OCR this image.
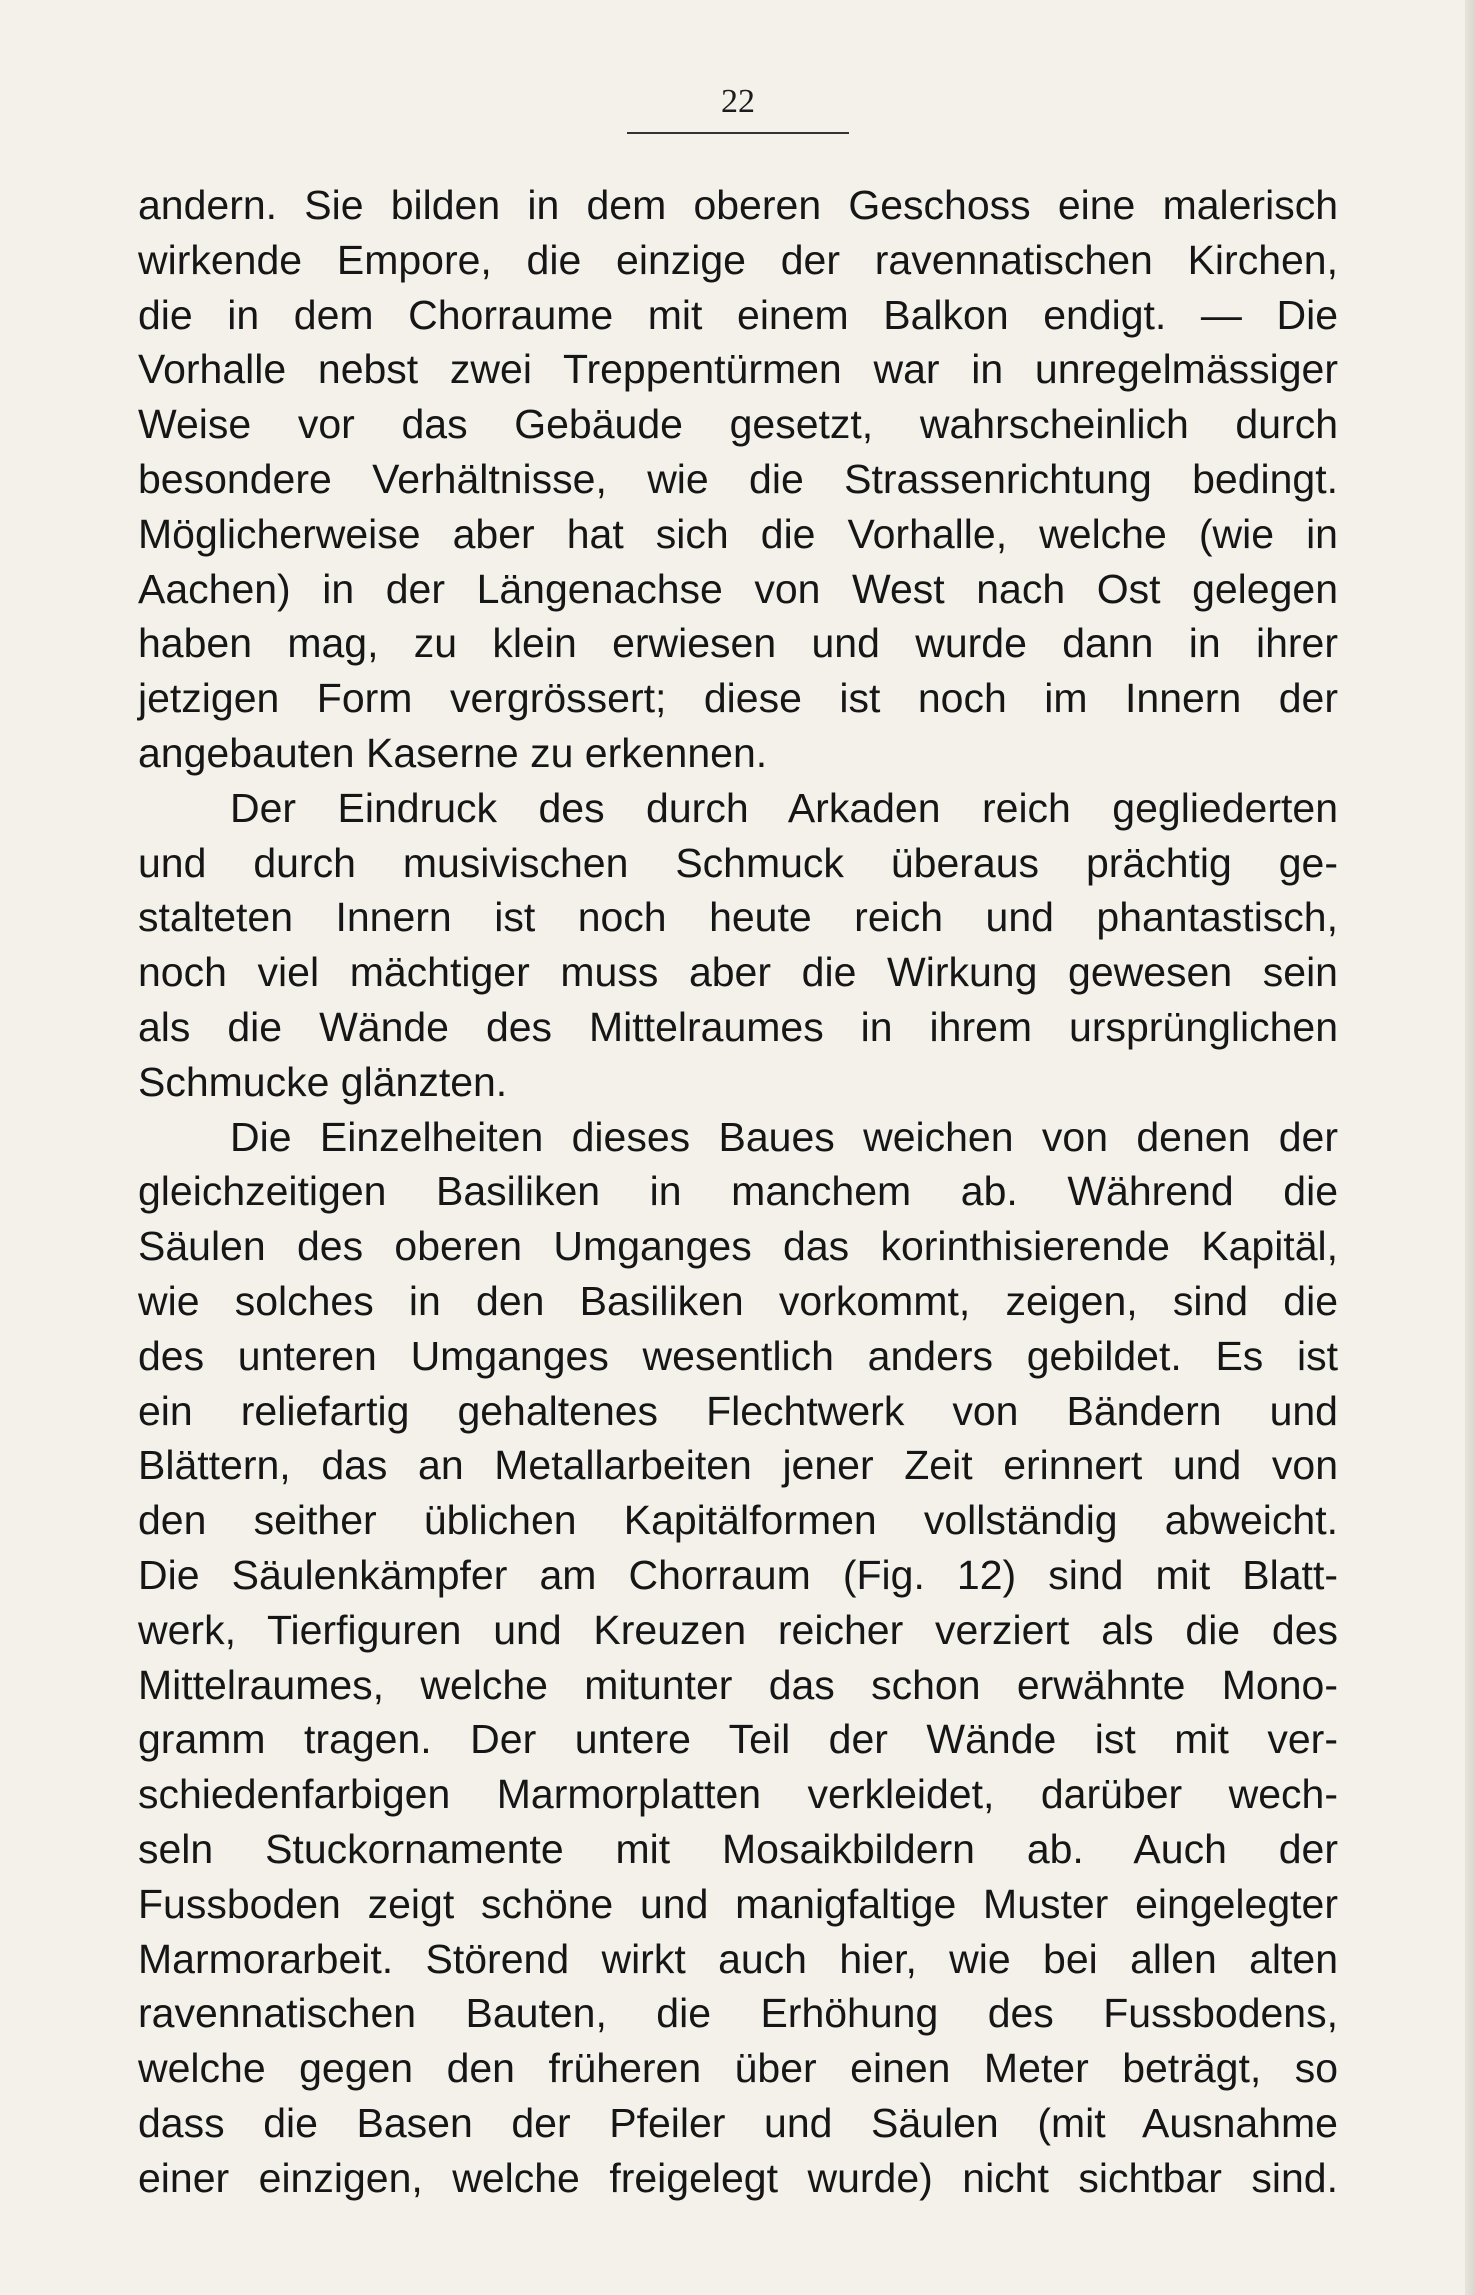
22
andern. Sie bilden in dem oberen Geschoss eine malerisch
wirkende Empore, die einzige der ravennatischen Kirchen,
die in dem Chorraume mit einem Balkon endigt. — Die
Vorhalle nebst zwei Treppentürmen war in unregelmässiger
Weise vor das Gebäude gesetzt, wahrscheinlich durch
besondere Verhältnisse, wie die Strassenrichtung bedingt.
Möglicherweise aber hat sich die Vorhalle, welche (wie in
Aachen) in der Längenachse von West nach Ost gelegen
haben mag, zu klein erwiesen und wurde dann in ihrer
jetzigen Form vergrössert; diese ist noch im Innern der
angebauten Kaserne zu erkennen.
Der Eindruck des durch Arkaden reich gegliederten
und durch musivischen Schmuck überaus prächtig ge-
stalteten Innern ist noch heute reich und phantastisch,
noch viel mächtiger muss aber die Wirkung gewesen sein
als die Wände des Mittelraumes in ihrem ursprünglichen
Schmucke glänzten.
Die Einzelheiten dieses Baues weichen von denen der
gleichzeitigen Basiliken in manchem ab. Während die
Säulen des oberen Umganges das korinthisierende Kapitäl,
wie solches in den Basiliken vorkommt, zeigen, sind die
des unteren Umganges wesentlich anders gebildet. Es ist
ein reliefartig gehaltenes Flechtwerk von Bändern und
Blättern, das an Metallarbeiten jener Zeit erinnert und von
den seither üblichen Kapitälformen vollständig abweicht.
Die Säulenkämpfer am Chorraum (Fig. 12) sind mit Blatt-
werk, Tierfiguren und Kreuzen reicher verziert als die des
Mittelraumes, welche mitunter das schon erwähnte Mono-
gramm tragen. Der untere Teil der Wände ist mit ver-
schiedenfarbigen Marmorplatten verkleidet, darüber wech-
seln Stuckornamente mit Mosaikbildern ab. Auch der
Fussboden zeigt schöne und manigfaltige Muster eingelegter
Marmorarbeit. Störend wirkt auch hier, wie bei allen alten
ravennatischen Bauten, die Erhöhung des Fussbodens,
welche gegen den früheren über einen Meter beträgt, so
dass die Basen der Pfeiler und Säulen (mit Ausnahme
einer einzigen, welche freigelegt wurde) nicht sichtbar sind.
